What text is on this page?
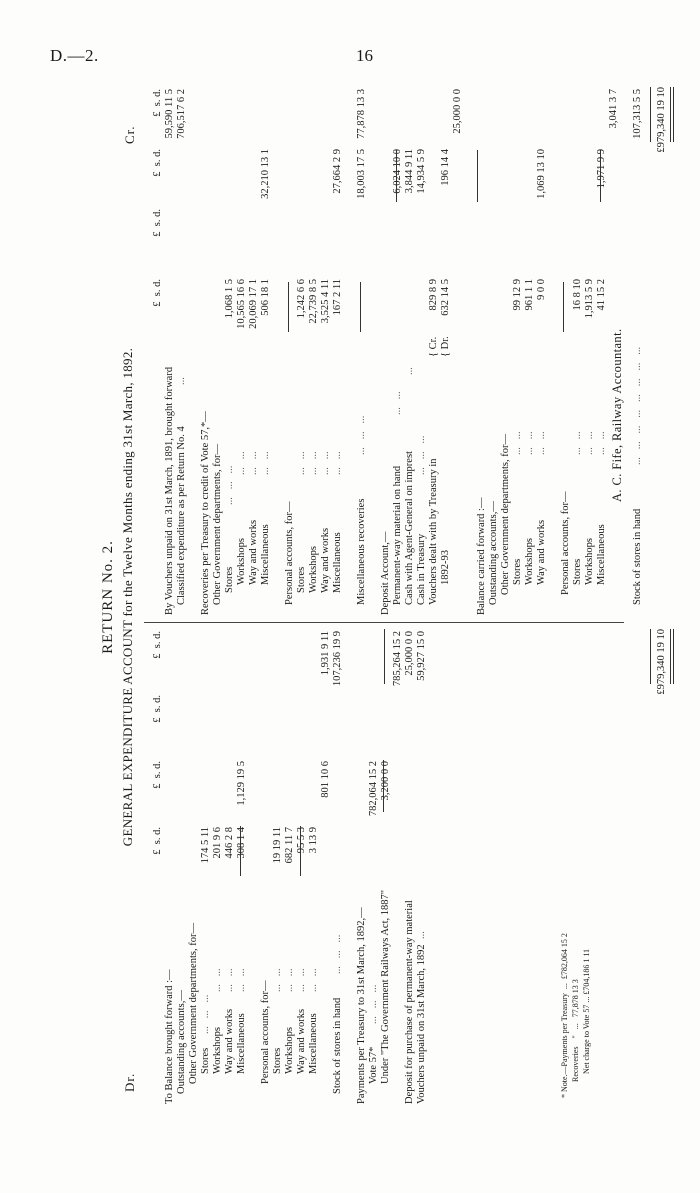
D.—2.	16
RETURN No. 2. GENERAL EXPENDITURE ACCOUNT for the Twelve Months ending 31st March, 1892.
Dr.
Cr.
£  s. d.
£  s. d.
£  s. d.
£  s. d.
To Balance brought forward :— Outstanding accounts,— Other Government departments, for— Stores
...   ...   ...
174 5 11
Workshops
...   ...
201 9 6
Way and works
...   ...
446 2 8
Miscellaneous
...   ...
308 1 4
1,129 19 5
Personal accounts, for— Stores
...   ...
19 19 11
Workshops
...   ...
682 11 7
Way and works
...   ...
95 5 3
Miscellaneous
...   ...
3 13 9
801 10 6
1,931 9 11
Stock of stores in hand
...   ...   ...
107,236 19 9
Payments per Treasury to 31st March, 1892,— Vote 57*
...   ...   ...
782,064 15 2
Under "The Government Railways Act, 1887"
3,200 0 0
785,264 15 2
Deposit for purchase of permanent-way material
25,000 0 0
Vouchers unpaid on 31st March, 1892
...
59,927 15 0	£979,340 19 10
* Note.—Payments per Treasury  ...  £782,064 15 2
Recoveries    "   ...   77,878 13 3
Net charge to Vote 57 ... £704,186 1 11
£  s. d.
£  s. d.
£  s. d.
£  s. d.
By Vouchers unpaid on 31st March, 1891, brought forward
59,590 11 5
Classified expenditure as per Return No. 4
...
706,517 6 2
Recoveries per Treasury to credit of Vote 57,*— Other Government departments, for— Stores
...   ...   ...
1,068 1 5
Workshops
...   ...
10,565 16 6
Way and works
...   ...
20,069 17 1
Miscellaneous
...   ...
506 18 1
32,210 13 1
Personal accounts, for— Stores
...   ...
1,242 6 6
Workshops
...   ...
22,739 8 5
Way and works
...   ...
3,525 4 11
Miscellaneous
...   ...
167 2 11
27,664 2 9
Miscellaneous recoveries
...   ...   ...
18,003 17 5
77,878 13 3
Deposit Account,— Permanent-way material on hand
...   ...
6,024 10 0
Cash with Agent-General on imprest
...
3,844 9 11
Cash in Treasury
...   ...   ...
14,934 5 9
Vouchers dealt with by Treasury in
{ Cr.
829 8 9
1892-93
{ Dr.
632 14 5
196 14 4
25,000 0 0
Balance carried forward :— Outstanding accounts,— Other Government departments, for— Stores
...   ...
99 12 9
Workshops
...   ...
961 1 1
Way and works
...   ...
9 0 0
1,069 13 10
Personal accounts, for— Stores
...   ...
16 8 10
Workshops
...   ...
1,913 5 9
Miscellaneous
...   ...
41 15 2
1,971 9 9
3,041 3 7
Stock of stores in hand
...   ...   ...   ...   ...   ...   ...   ...
107,313 5 5 £979,340 19 10
A. C. Fife, Railway Accountant.
